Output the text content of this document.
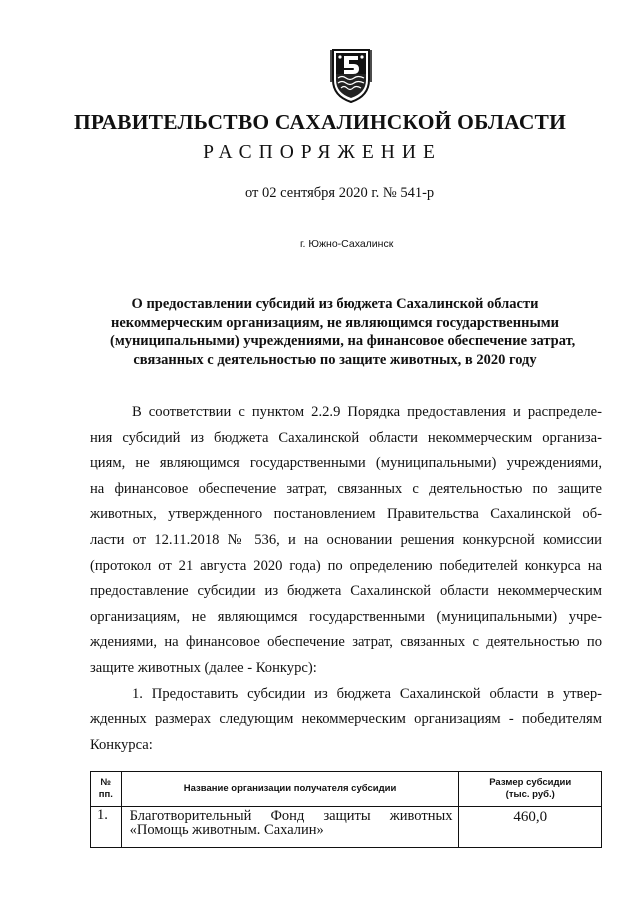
ПРАВИТЕЛЬСТВО САХАЛИНСКОЙ ОБЛАСТИ
РАСПОРЯЖЕНИЕ
от 02 сентября 2020 г. № 541-р
г. Южно-Сахалинск
О предоставлении субсидий из бюджета Сахалинской области
некоммерческим организациям, не являющимся государственными
(муниципальными) учреждениями, на финансовое обеспечение затрат,
связанных с деятельностью по защите животных, в 2020 году
В соответствии с пунктом 2.2.9 Порядка предоставления и распределе-
ния субсидий из бюджета Сахалинской области некоммерческим организа-
циям, не являющимся государственными (муниципальными) учреждениями,
на финансовое обеспечение затрат, связанных с деятельностью по защите
животных, утвержденного постановлением Правительства Сахалинской об-
ласти от 12.11.2018 № 536, и на основании решения конкурсной комиссии
(протокол от 21 августа 2020 года) по определению победителей конкурса на
предоставление субсидии из бюджета Сахалинской области некоммерческим
организациям, не являющимся государственными (муниципальными) учре-
ждениями, на финансовое обеспечение затрат, связанных с деятельностью по
защите животных (далее - Конкурс):
1. Предоставить субсидии из бюджета Сахалинской области в утвер-
жденных размерах следующим некоммерческим организациям - победителям
Конкурса:
№
пп.	Название организации получателя субсидии	Размер субсидии
(тыс. руб.)
1.	Благотворительный Фонд защиты животных
«Помощь животным. Сахалин»	460,0
